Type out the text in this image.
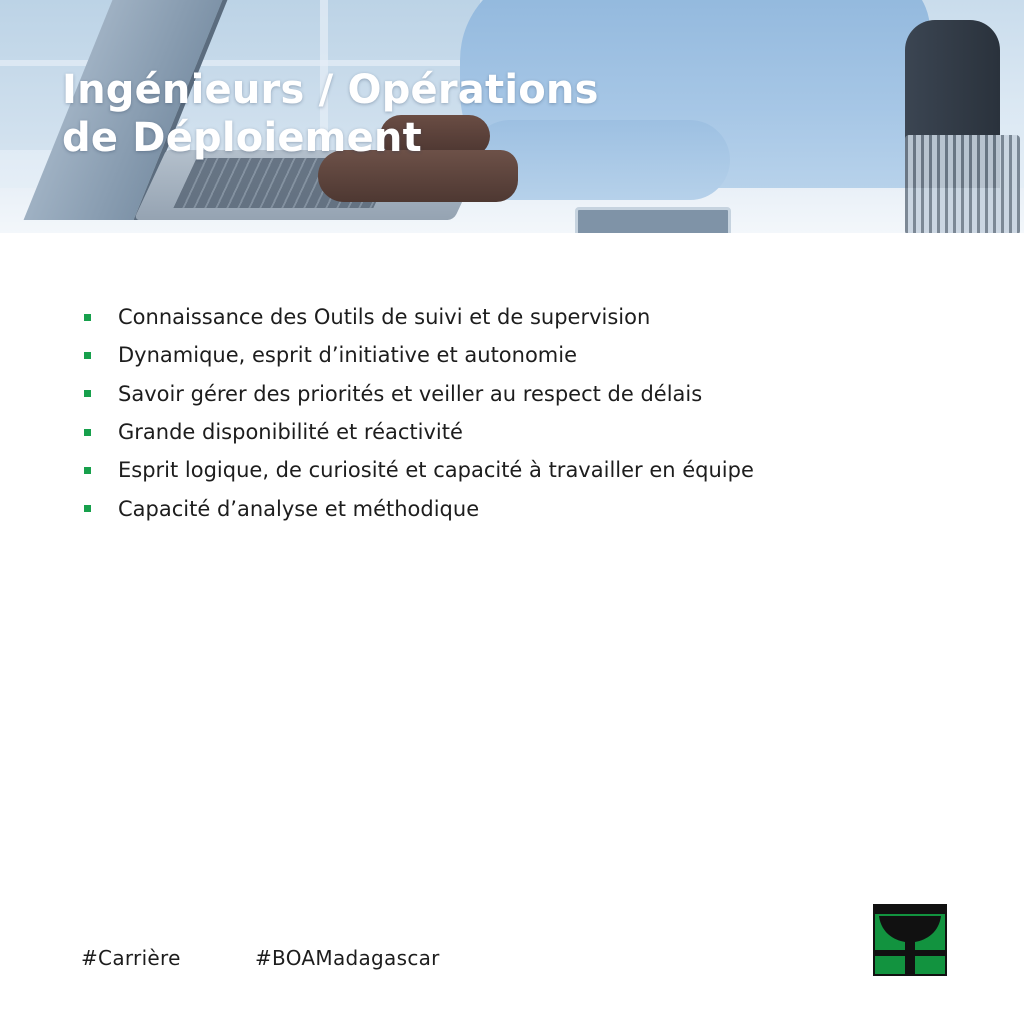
Ingénieurs / Opérations
de Déploiement
Connaissance des Outils de suivi et de supervision
Dynamique, esprit d’initiative et autonomie
Savoir gérer des priorités et veiller au respect de délais
Grande disponibilité et réactivité
Esprit logique, de curiosité et capacité à travailler en équipe
Capacité d’analyse et méthodique
#Carrière	#BOAMadagascar
